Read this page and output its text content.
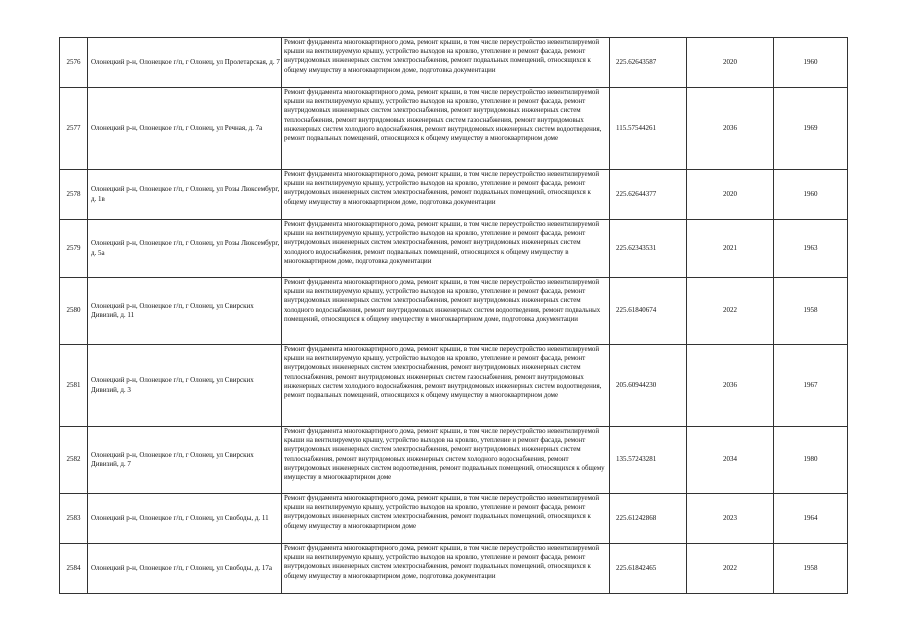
2576	Олонецкий р-н, Олонецкое г/п, г Олонец, ул Пролетарская, д. 7	Ремонт фундамента многоквартирного дома, ремонт крыши, в том числе переустройство невентилируемой крыши на вентилируемую крышу, устройство выходов на кровлю, утепление и ремонт фасада, ремонт внутридомовых инженерных систем электроснабжения, ремонт подвальных помещений, относящихся к общему имуществу в многоквартирном доме, подготовка документации	225.62643587	2020	1960
2577	Олонецкий р-н, Олонецкое г/п, г Олонец, ул Речная, д. 7а	Ремонт фундамента многоквартирного дома, ремонт крыши, в том числе переустройство невентилируемой крыши на вентилируемую крышу, устройство выходов на кровлю, утепление и ремонт фасада, ремонт внутридомовых инженерных систем электроснабжения, ремонт внутридомовых инженерных систем теплоснабжения, ремонт внутридомовых инженерных систем газоснабжения, ремонт внутридомовых инженерных систем холодного водоснабжения, ремонт внутридомовых инженерных систем водоотведения, ремонт подвальных помещений, относящихся к общему имуществу в многоквартирном доме	115.57544261	2036	1969
2578	Олонецкий р-н, Олонецкое г/п, г Олонец, ул Розы Люксембург, д. 1в	Ремонт фундамента многоквартирного дома, ремонт крыши, в том числе переустройство невентилируемой крыши на вентилируемую крышу, устройство выходов на кровлю, утепление и ремонт фасада, ремонт внутридомовых инженерных систем электроснабжения, ремонт подвальных помещений, относящихся к общему имуществу в многоквартирном доме, подготовка документации	225.62644377	2020	1960
2579	Олонецкий р-н, Олонецкое г/п, г Олонец, ул Розы Люксембург, д. 5а	Ремонт фундамента многоквартирного дома, ремонт крыши, в том числе переустройство невентилируемой крыши на вентилируемую крышу, устройство выходов на кровлю, утепление и ремонт фасада, ремонт внутридомовых инженерных систем электроснабжения, ремонт внутридомовых инженерных систем холодного водоснабжения, ремонт подвальных помещений, относящихся к общему имуществу в многоквартирном доме, подготовка документации	225.62343531	2021	1963
2580	Олонецкий р-н, Олонецкое г/п, г Олонец, ул Свирских Дивизий, д. 11	Ремонт фундамента многоквартирного дома, ремонт крыши, в том числе переустройство невентилируемой крыши на вентилируемую крышу, устройство выходов на кровлю, утепление и ремонт фасада, ремонт внутридомовых инженерных систем электроснабжения, ремонт внутридомовых инженерных систем холодного водоснабжения, ремонт внутридомовых инженерных систем водоотведения, ремонт подвальных помещений, относящихся к общему имуществу в многоквартирном доме, подготовка документации	225.61840674	2022	1958
2581	Олонецкий р-н, Олонецкое г/п, г Олонец, ул Свирских Дивизий, д. 3	Ремонт фундамента многоквартирного дома, ремонт крыши, в том числе переустройство невентилируемой крыши на вентилируемую крышу, устройство выходов на кровлю, утепление и ремонт фасада, ремонт внутридомовых инженерных систем электроснабжения, ремонт внутридомовых инженерных систем теплоснабжения, ремонт внутридомовых инженерных систем газоснабжения, ремонт внутридомовых инженерных систем холодного водоснабжения, ремонт внутридомовых инженерных систем водоотведения, ремонт подвальных помещений, относящихся к общему имуществу в многоквартирном доме	205.60944230	2036	1967
2582	Олонецкий р-н, Олонецкое г/п, г Олонец, ул Свирских Дивизий, д. 7	Ремонт фундамента многоквартирного дома, ремонт крыши, в том числе переустройство невентилируемой крыши на вентилируемую крышу, устройство выходов на кровлю, утепление и ремонт фасада, ремонт внутридомовых инженерных систем электроснабжения, ремонт внутридомовых инженерных систем теплоснабжения, ремонт внутридомовых инженерных систем холодного водоснабжения, ремонт внутридомовых инженерных систем водоотведения, ремонт подвальных помещений, относящихся к общему имуществу в многоквартирном доме	135.57243281	2034	1980
2583	Олонецкий р-н, Олонецкое г/п, г Олонец, ул Свободы, д. 11	Ремонт фундамента многоквартирного дома, ремонт крыши, в том числе переустройство невентилируемой крыши на вентилируемую крышу, устройство выходов на кровлю, утепление и ремонт фасада, ремонт внутридомовых инженерных систем электроснабжения, ремонт подвальных помещений, относящихся к общему имуществу в многоквартирном доме	225.61242868	2023	1964
2584	Олонецкий р-н, Олонецкое г/п, г Олонец, ул Свободы, д. 17а	Ремонт фундамента многоквартирного дома, ремонт крыши, в том числе переустройство невентилируемой крыши на вентилируемую крышу, устройство выходов на кровлю, утепление и ремонт фасада, ремонт внутридомовых инженерных систем электроснабжения, ремонт подвальных помещений, относящихся к общему имуществу в многоквартирном доме, подготовка документации	225.61842465	2022	1958
